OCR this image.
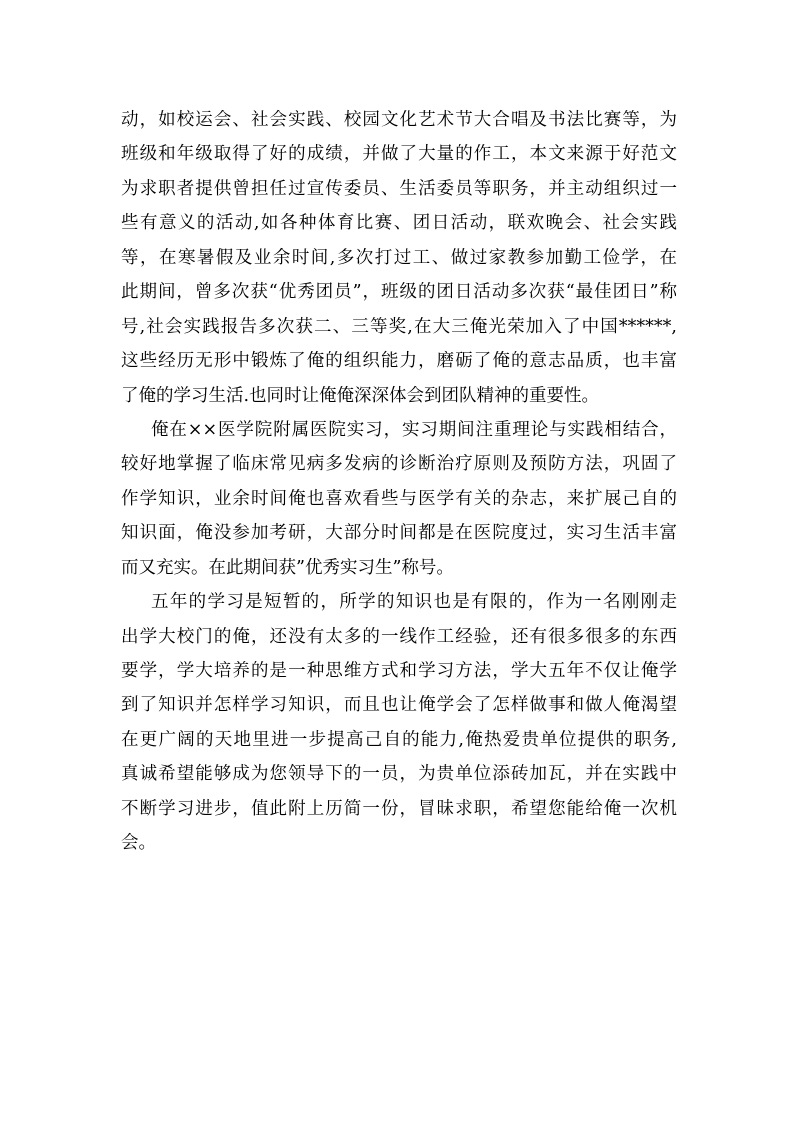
动，如校运会、社会实践、校园文化艺术节大合唱及书法比赛等，为
班级和年级取得了好的成绩，并做了大量的作工，本文来源于好范文
为求职者提供曾担任过宣传委员、生活委员等职务，并主动组织过一
些有意义的活动,如各种体育比赛、团日活动，联欢晚会、社会实践
等，在寒暑假及业余时间,多次打过工、做过家教参加勤工俭学，在
此期间，曾多次获“优秀团员”，班级的团日活动多次获“最佳团日”称
号,社会实践报告多次获二、三等奖,在大三俺光荣加入了中国******,
这些经历无形中锻炼了俺的组织能力，磨砺了俺的意志品质，也丰富
了俺的学习生活.也同时让俺俺深深体会到团队精神的重要性。
俺在××医学院附属医院实习，实习期间注重理论与实践相结合，
较好地掌握了临床常见病多发病的诊断治疗原则及预防方法，巩固了
作学知识，业余时间俺也喜欢看些与医学有关的杂志，来扩展己自的
知识面，俺没参加考研，大部分时间都是在医院度过，实习生活丰富
而又充实。在此期间获”优秀实习生”称号。
五年的学习是短暂的，所学的知识也是有限的，作为一名刚刚走
出学大校门的俺，还没有太多的一线作工经验，还有很多很多的东西
要学，学大培养的是一种思维方式和学习方法，学大五年不仅让俺学
到了知识并怎样学习知识，而且也让俺学会了怎样做事和做人俺渴望
在更广阔的天地里进一步提高己自的能力,俺热爱贵单位提供的职务,
真诚希望能够成为您领导下的一员，为贵单位添砖加瓦，并在实践中
不断学习进步，值此附上历简一份，冒昧求职，希望您能给俺一次机
会。
